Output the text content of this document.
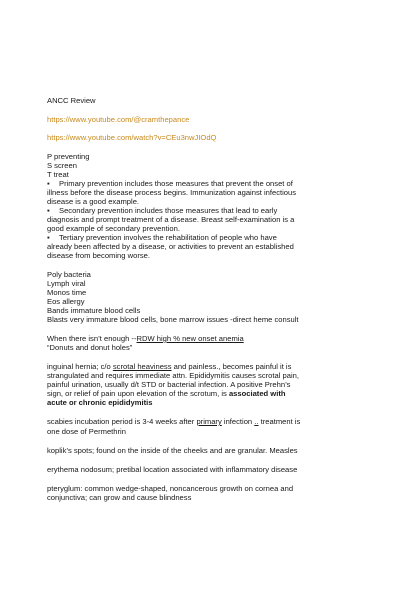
ANCC Review
https://www.youtube.com/@cramthepance
https://www.youtube.com/watch?v=CEu3nwJIOdQ
P preventing
S screen
T treat
▪ Primary prevention includes those measures that prevent the onset of
illness before the disease process begins. Immunization against infectious
disease is a good example.
▪ Secondary prevention includes those measures that lead to early
diagnosis and prompt treatment of a disease. Breast self-examination is a
good example of secondary prevention.
▪ Tertiary prevention involves the rehabilitation of people who have
already been affected by a disease, or activities to prevent an established
disease from becoming worse.
Poly bacteria
Lymph viral
Monos time
Eos allergy
Bands immature blood cells
Blasts very immature blood cells, bone marrow issues -direct heme consult
When there isn’t enough --RDW high % new onset anemia
“Donuts and donut holes”
inguinal hernia; c/o scrotal heaviness and painless., becomes painful it is
strangulated and requires immediate attn. Epididymitis causes scrotal pain,
painful urination, usually d/t STD or bacterial infection. A positive Prehn’s
sign, or relief of pain upon elevation of the scrotum, is associated with
acute or chronic epididymitis
scabies incubation period is 3-4 weeks after primary infection .. treatment is
one dose of Permethrin
koplik’s spots; found on the inside of the cheeks and are granular. Measles
erythema nodosum; pretibal location associated with inflammatory disease
pteryglum: common wedge-shaped, noncancerous growth on cornea and
conjunctiva; can grow and cause blindness
